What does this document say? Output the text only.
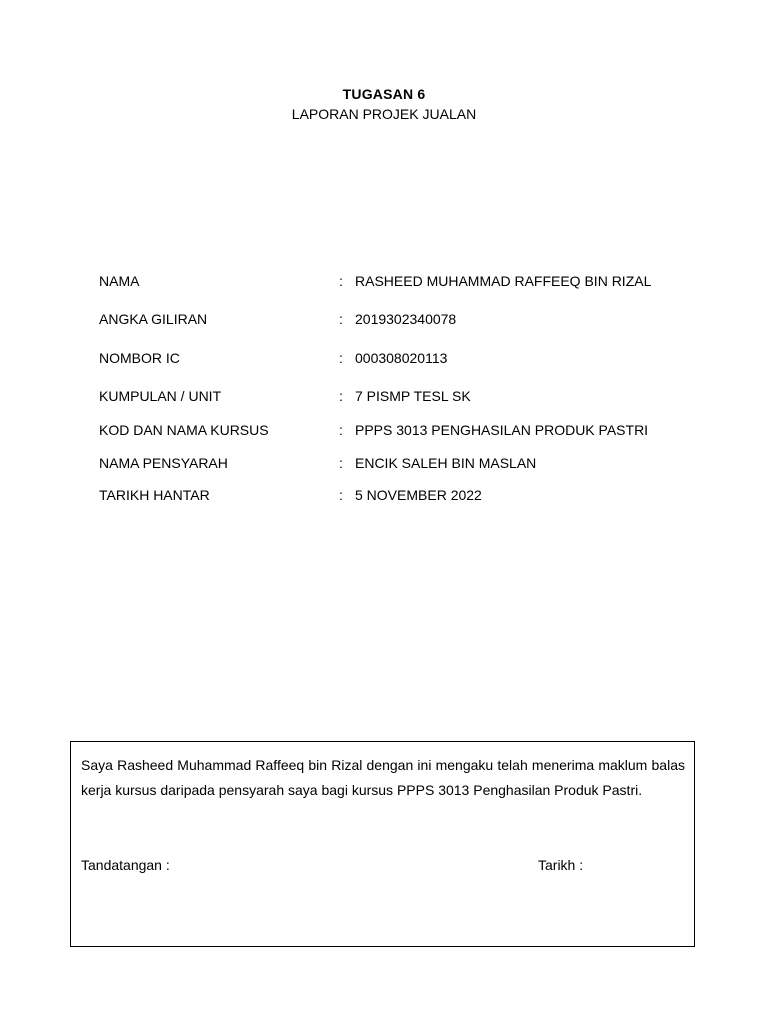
TUGASAN 6
LAPORAN PROJEK JUALAN
NAMA	: RASHEED MUHAMMAD RAFFEEQ BIN RIZAL
ANGKA GILIRAN	: 2019302340078
NOMBOR IC	: 000308020113
KUMPULAN / UNIT	: 7 PISMP TESL SK
KOD DAN NAMA KURSUS	: PPPS 3013 PENGHASILAN PRODUK PASTRI
NAMA PENSYARAH	: ENCIK SALEH BIN MASLAN
TARIKH HANTAR	: 5 NOVEMBER 2022
Saya Rasheed Muhammad Raffeeq bin Rizal dengan ini mengaku telah menerima maklum balas kerja kursus daripada pensyarah saya bagi kursus PPPS 3013 Penghasilan Produk Pastri.
Tandatangan :	Tarikh :
